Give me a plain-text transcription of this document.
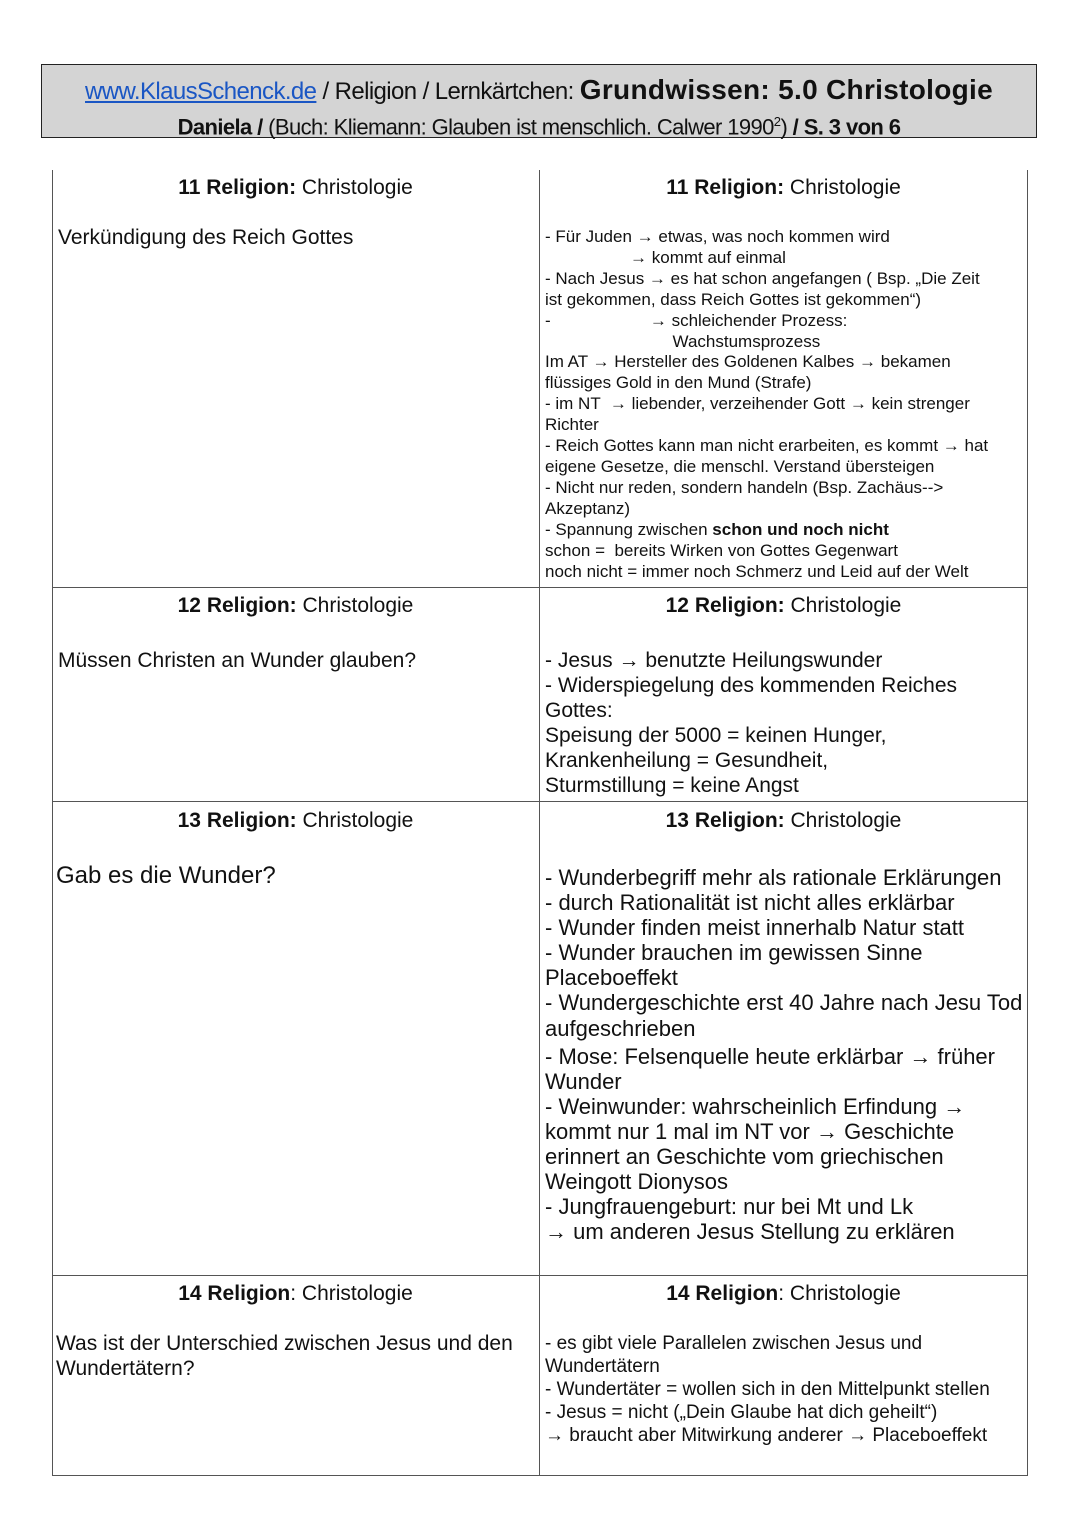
www.KlausSchenck.de / Religion / Lernkärtchen: Grundwissen: 5.0 Christologie
Daniela / (Buch: Kliemann: Glauben ist menschlich. Calwer 1990$^2$) / S. 3 von 6
11 Religion: Christologie
Verkündigung des Reich Gottes
11 Religion: Christologie
- Für Juden → etwas, was noch kommen wird
→ kommt auf einmal
- Nach Jesus → es hat schon angefangen ( Bsp. „Die Zeit
ist gekommen, dass Reich Gottes ist gekommen“)
-                     → schleichender Prozess:
Wachstumsprozess
Im AT → Hersteller des Goldenen Kalbes → bekamen
flüssiges Gold in den Mund (Strafe)
- im NT  → liebender, verzeihender Gott → kein strenger
Richter
- Reich Gottes kann man nicht erarbeiten, es kommt → hat
eigene Gesetze, die menschl. Verstand übersteigen
- Nicht nur reden, sondern handeln (Bsp. Zachäus-->
Akzeptanz)
- Spannung zwischen schon und noch nicht
schon =  bereits Wirken von Gottes Gegenwart
noch nicht = immer noch Schmerz und Leid auf der Welt
12 Religion: Christologie
Müssen Christen an Wunder glauben?
12 Religion: Christologie
- Jesus → benutzte Heilungswunder
- Widerspiegelung des kommenden Reiches
Gottes:
Speisung der 5000 = keinen Hunger,
Krankenheilung = Gesundheit,
Sturmstillung = keine Angst
13 Religion: Christologie
Gab es die Wunder?
13 Religion: Christologie
- Wunderbegriff mehr als rationale Erklärungen
- durch Rationalität ist nicht alles erklärbar
- Wunder finden meist innerhalb Natur statt
- Wunder brauchen im gewissen Sinne
Placeboeffekt
- Wundergeschichte erst 40 Jahre nach Jesu Tod
aufgeschrieben
- Mose: Felsenquelle heute erklärbar → früher
Wunder
- Weinwunder: wahrscheinlich Erfindung →
kommt nur 1 mal im NT vor → Geschichte
erinnert an Geschichte vom griechischen
Weingott Dionysos
- Jungfrauengeburt: nur bei Mt und Lk
→ um anderen Jesus Stellung zu erklären
14 Religion: Christologie
Was ist der Unterschied zwischen Jesus und den Wundertätern?
14 Religion: Christologie
- es gibt viele Parallelen zwischen Jesus und
Wundertätern
- Wundertäter = wollen sich in den Mittelpunkt stellen
- Jesus = nicht („Dein Glaube hat dich geheilt“)
→ braucht aber Mitwirkung anderer → Placeboeffekt
